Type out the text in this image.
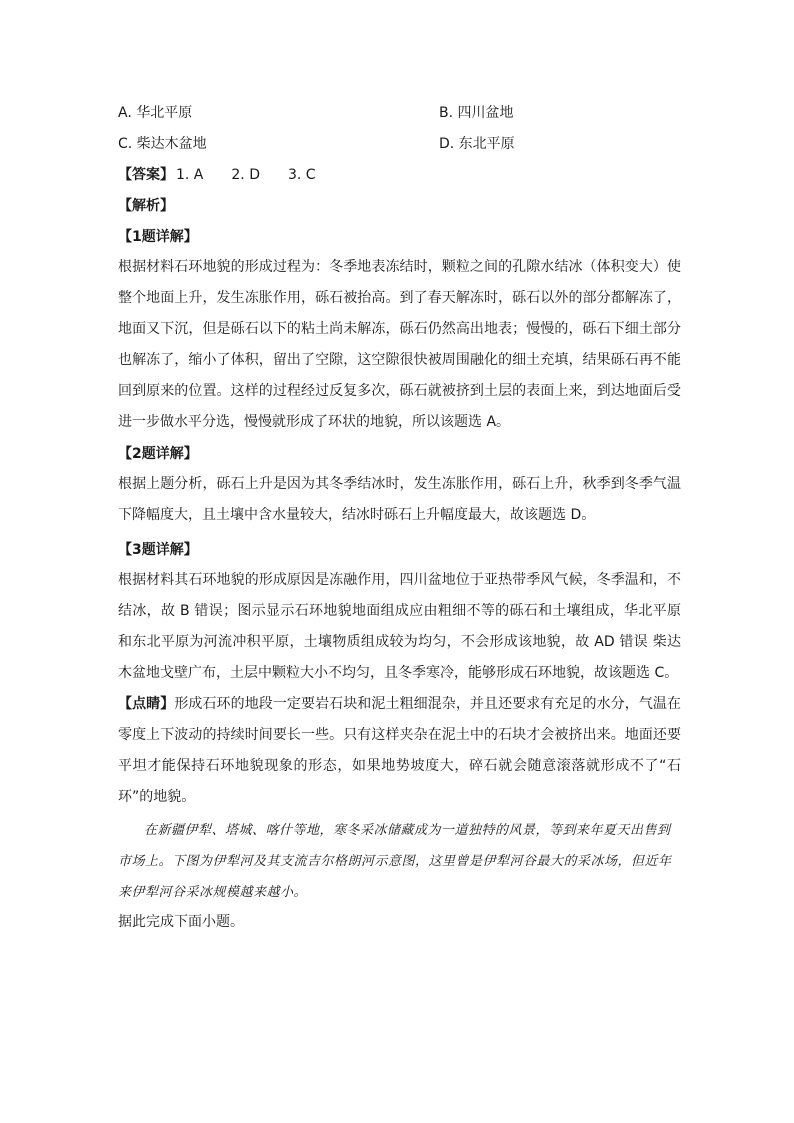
A. 华北平原	B. 四川盆地
C. 柴达木盆地	D. 东北平原
【答案】 1. A 2. D 3. C
【解析】
【1题详解】
根据材料石环地貌的形成过程为：冬季地表冻结时，颗粒之间的孔隙水结冰（体积变大）使整个地面上升，发生冻胀作用，砾石被抬高。到了春天解冻时，砾石以外的部分都解冻了，地面又下沉，但是砾石以下的粘土尚未解冻，砾石仍然高出地表；慢慢的，砾石下细土部分也解冻了，缩小了体积，留出了空隙，这空隙很快被周围融化的细土充填，结果砾石再不能回到原来的位置。这样的过程经过反复多次，砾石就被挤到土层的表面上来，到达地面后受进一步做水平分选，慢慢就形成了环状的地貌，所以该题选 A。
【2题详解】
根据上题分析，砾石上升是因为其冬季结冰时，发生冻胀作用，砾石上升，秋季到冬季气温下降幅度大，且土壤中含水量较大，结冰时砾石上升幅度最大，故该题选 D。
【3题详解】
根据材料其石环地貌的形成原因是冻融作用，四川盆地位于亚热带季风气候，冬季温和，不结冰，故 B 错误；图示显示石环地貌地面组成应由粗细不等的砾石和土壤组成，华北平原和东北平原为河流冲积平原，土壤物质组成较为均匀，不会形成该地貌，故 AD 错误 柴达木盆地戈壁广布，土层中颗粒大小不均匀，且冬季寒冷，能够形成石环地貌，故该题选 C。
【点睛】形成石环的地段一定要岩石块和泥土粗细混杂，并且还要求有充足的水分，气温在零度上下波动的持续时间要长一些。只有这样夹杂在泥土中的石块才会被挤出来。地面还要平坦才能保持石环地貌现象的形态，如果地势坡度大，碎石就会随意滚落就形成不了“石环”的地貌。
在新疆伊犁、塔城、喀什等地，寒冬采冰储藏成为一道独特的风景，等到来年夏天出售到市场上。下图为伊犁河及其支流吉尔格朗河示意图，这里曾是伊犁河谷最大的采冰场，但近年来伊犁河谷采冰规模越来越小。
据此完成下面小题。
